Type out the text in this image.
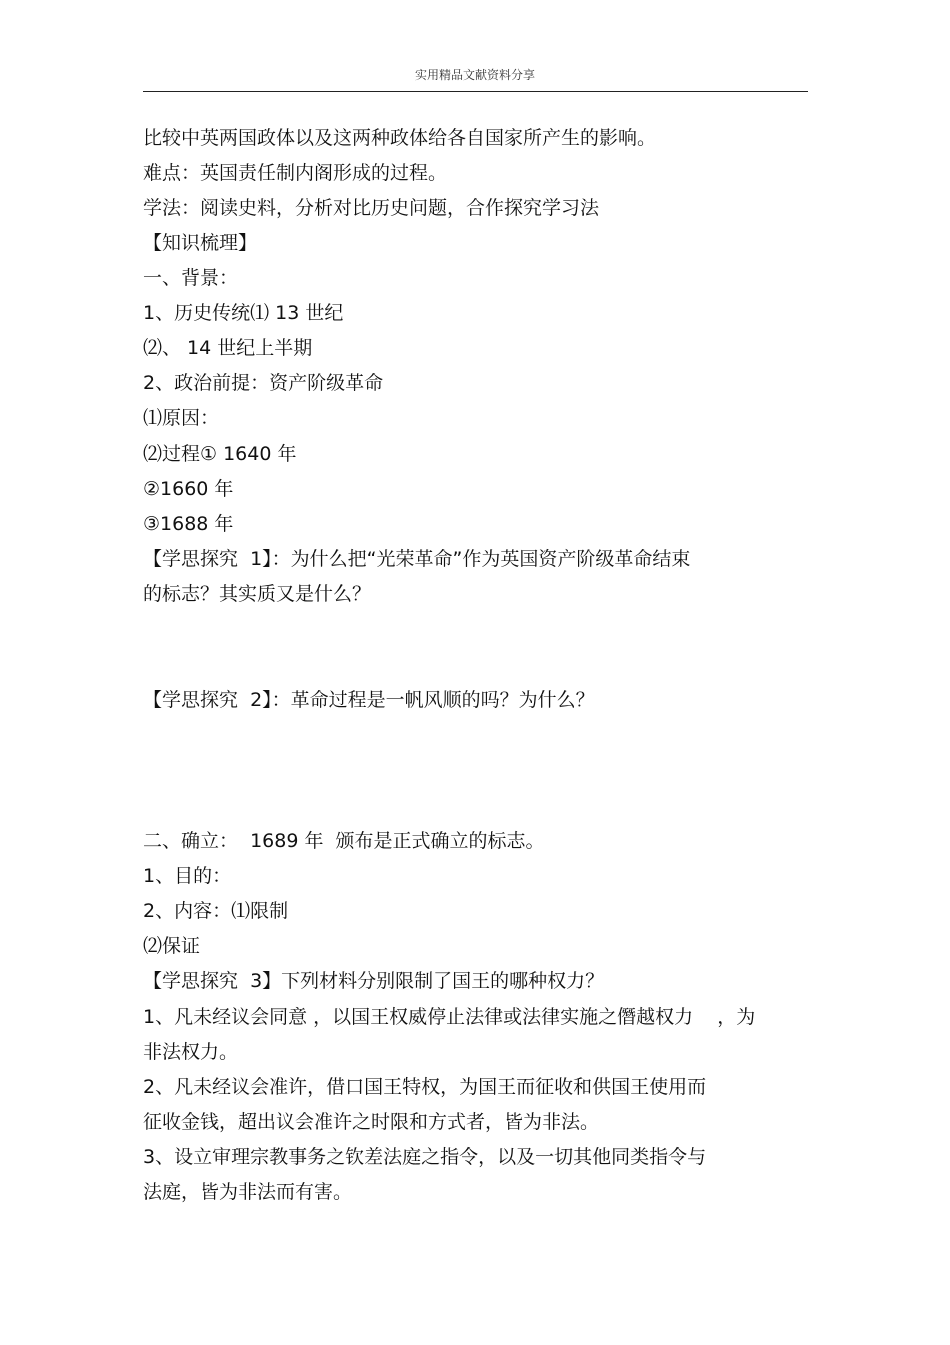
实用精品文献资料分享
比较中英两国政体以及这两种政体给各自国家所产生的影响。
难点：英国责任制内阁形成的过程。
学法：阅读史料，分析对比历史问题，合作探究学习法
【知识梳理】
一、背景：
1、历史传统⑴ 13 世纪
⑵、 14 世纪上半期
2、政治前提：资产阶级革命
⑴原因：
⑵过程① 1640 年
②1660 年
③1688 年
【学思探究  1】：为什么把“光荣革命”作为英国资产阶级革命结束
的标志？其实质又是什么？
【学思探究  2】：革命过程是一帆风顺的吗？为什么？
二、确立：  1689 年  颁布是正式确立的标志。
1、目的：
2、内容：⑴限制
⑵保证
【学思探究  3】下列材料分别限制了国王的哪种权力？
1、凡未经议会同意 ，以国王权威停止法律或法律实施之僭越权力    ，为
非法权力。
2、凡未经议会准许，借口国王特权，为国王而征收和供国王使用而
征收金钱，超出议会准许之时限和方式者，皆为非法。
3、设立审理宗教事务之钦差法庭之指令，以及一切其他同类指令与
法庭，皆为非法而有害。
